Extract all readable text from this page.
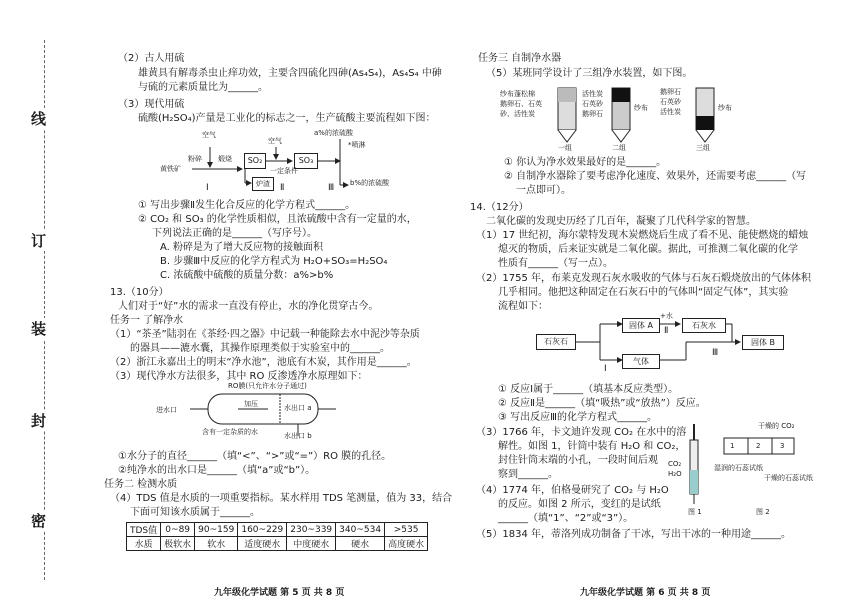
线
订
装
封
密
（2）古人用硫
雄黄具有解毒杀虫止痒功效，主要含四硫化四砷(As₄S₄)，As₄S₄ 中砷
与硫的元素质量比为______。
（3）现代用硫
硫酸(H₂SO₄)产量是工业化的标志之一，生产硫酸主要流程如下图：
空气
空气
a%的浓硫酸
*喷淋
粉碎 煅烧
黄铁矿
SO₂	SO₃
炉渣
一定条件
b%的浓硫酸
Ⅰ	Ⅱ	Ⅲ
① 写出步骤Ⅱ发生化合反应的化学方程式______。
② CO₂ 和 SO₃ 的化学性质相似，且浓硫酸中含有一定量的水，
下列说法正确的是______（写序号）。
A. 粉碎是为了增大反应物的接触面积
B. 步骤Ⅲ中反应的化学方程式为 H₂O+SO₃=H₂SO₄
C. 浓硫酸中硫酸的质量分数：a%>b%
13.（10分）
人们对于“好”水的需求一直没有停止，水的净化贯穿古今。
任务一 了解净水
（1）“茶圣”陆羽在《茶经·四之器》中记载一种能除去水中泥沙等杂质
的器具——漉水囊，其操作原理类似于实验室中的______。
（2）浙江永嘉出土的明末“净水池”，池底有木炭，其作用是______。
（3）现代净水方法很多，其中 RO 反渗透净水原理如下：
RO膜(只允许水分子通过)
进水口
加压	水出口 a
含有一定杂质的水	水出口 b
①水分子的直径______（填“<”、“>”或“=”）RO 膜的孔径。
②纯净水的出水口是______（填“a”或“b”）。
任务二 检测水质
（4）TDS 值是水质的一项重要指标。某水样用 TDS 笔测量，值为 33，结合
下面可知该水质属于______。
TDS值	0~89	90~159	160~229	230~339	340~534	>535
水质	极软水	软水	适度硬水	中度硬水	硬水	高度硬水
九年级化学试题 第 5 页 共 8 页
任务三 自制净水器
（5）某班同学设计了三组净水装置，如下图。
纱布蓬松棉
鹅卵石、石英
砂、活性炭
活性炭
石英砂
鹅卵石
纱布
鹅卵石
石英砂
活性炭	纱布
一组	二组	三组
① 你认为净水效果最好的是______。
② 自制净水器除了要考虑净化速度、效果外，还需要考虑______（写
一点即可）。
14.（12分）
二氧化碳的发现史历经了几百年，凝聚了几代科学家的智慧。
（1）17 世纪初，海尔蒙特发现木炭燃烧后生成了看不见、能使燃烧的蜡烛
熄灭的物质，后来证实就是二氧化碳。据此，可推测二氧化碳的化学
性质有______（写一点）。
（2）1755 年，布莱克发现石灰水吸收的气体与石灰石煅烧放出的气体体积
几乎相同。他把这种固定在石灰石中的气体叫“固定气体”，其实验
流程如下：
石灰石
固体 A
+水
石灰水
气体
固体 B
Ⅰ
Ⅱ
Ⅲ
① 反应Ⅰ属于______（填基本反应类型）。
② 反应Ⅱ是______（填“吸热”或“放热”）反应。
③ 写出反应Ⅲ的化学方程式______。
（3）1766 年，卡文迪许发现 CO₂ 在水中的溶
解性。如图 1，针筒中装有 H₂O 和 CO₂，
封住针筒末端的小孔，一段时间后观
察到______。
（4）1774 年，伯格曼研究了 CO₂ 与 H₂O
的反应。如图 2 所示，变红的是试纸
______（填“1”、“2”或“3”）。
（5）1834 年，蒂洛列成功制备了干冰，写出干冰的一种用途______。
干燥的 CO₂
CO₂
H₂O
1	2	3
湿润的石蕊试纸
干燥的石蕊试纸
图 1	图 2
九年级化学试题 第 6 页 共 8 页
